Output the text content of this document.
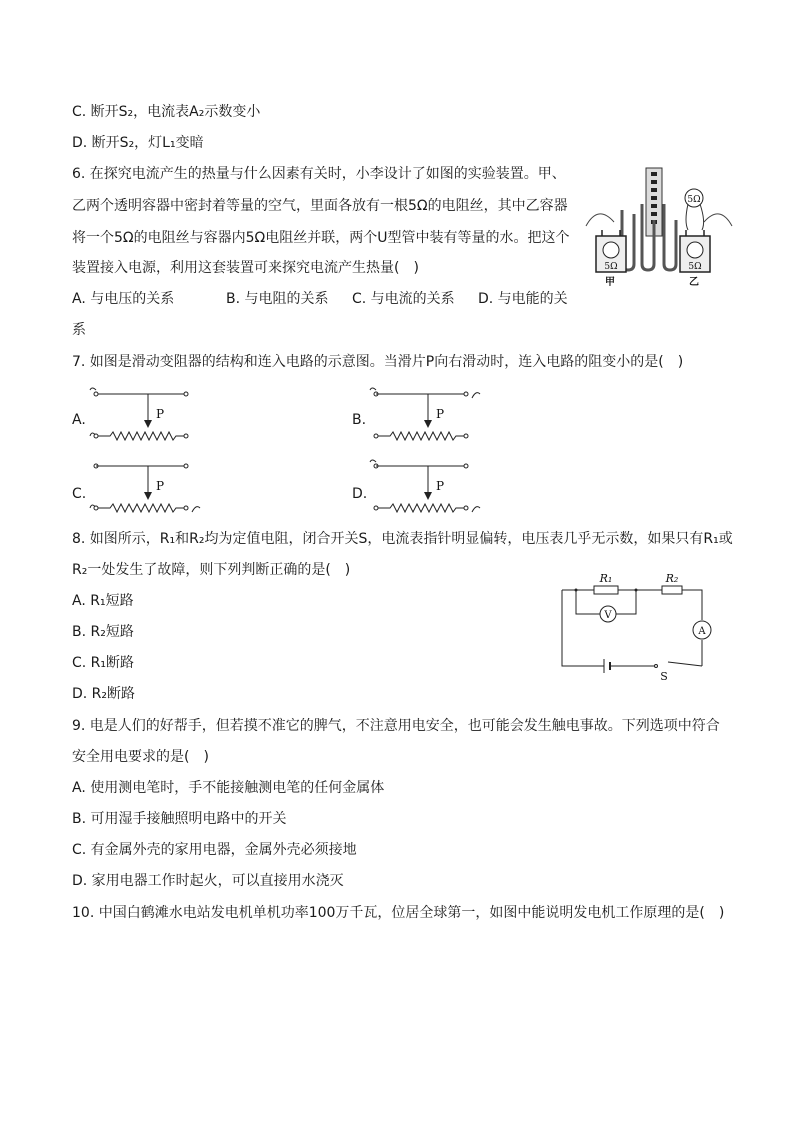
C. 断开S₂，电流表A₂示数变小
D. 断开S₂，灯L₁变暗
6. 在探究电流产生的热量与什么因素有关时，小李设计了如图的实验装置。甲、
乙两个透明容器中密封着等量的空气，里面各放有一根5Ω的电阻丝，其中乙容器
将一个5Ω的电阻丝与容器内5Ω电阻丝并联，两个U型管中装有等量的水。把这个
装置接入电源，利用这套装置可来探究电流产生热量(　)
A. 与电压的关系	B. 与电阻的关系 C. 与电流的关系 D. 与电能的关
系
5Ω
5Ω	5Ω
甲	乙
7. 如图是滑动变阻器的结构和连入电路的示意图。当滑片P向右滑动时，连入电路的阻变小的是(　)
A.	B.
C.	D.
P	P
P	P
8. 如图所示，R₁和R₂均为定值电阻，闭合开关S，电流表指针明显偏转，电压表几乎无示数，如果只有R₁或
R₂一处发生了故障，则下列判断正确的是(　)
A. R₁短路
B. R₂短路
C. R₁断路
D. R₂断路
R₁	R₂
V
A
S
9. 电是人们的好帮手，但若摸不准它的脾气，不注意用电安全，也可能会发生触电事故。下列选项中符合
安全用电要求的是(　)
A. 使用测电笔时，手不能接触测电笔的任何金属体
B. 可用湿手接触照明电路中的开关
C. 有金属外壳的家用电器，金属外壳必须接地
D. 家用电器工作时起火，可以直接用水浇灭
10. 中国白鹤滩水电站发电机单机功率100万千瓦，位居全球第一，如图中能说明发电机工作原理的是(　)
